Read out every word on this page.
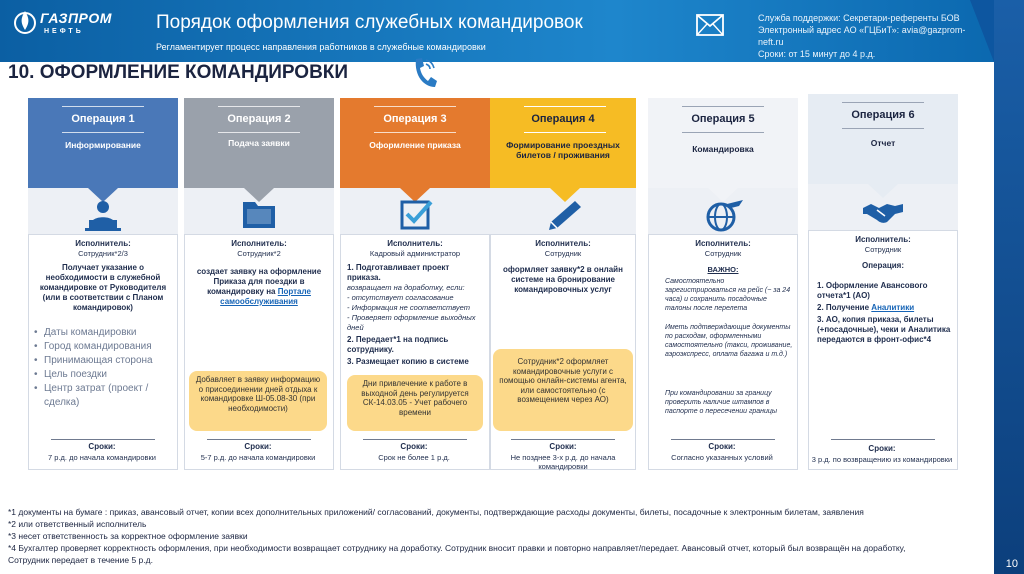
ГАЗПРОМ
НЕФТЬ	Порядок оформления служебных командировок
Регламентирует процесс направления работников в служебные командировки
Служба поддержки: Секретари-референты БОВ
Электронный адрес АО «ГЦБиТ»: avia@gazprom-
neft.ru
Сроки: от 15 минут до 4 р.д.
10. ОФОРМЛЕНИЕ КОМАНДИРОВКИ
Операция 1
Информирование
Исполнитель:
Сотрудник*2/3
Получает указание о необходимости в служебной командировке от Руководителя (или в соответствии с Планом командировок)
• Даты командировки
• Город командирования
• Принимающая сторона
• Цель поездки
• Центр затрат (проект / сделка)
Сроки:
7 р.д. до начала командировки
Операция 2
Подача заявки
Исполнитель:
Сотрудник*2
создает заявку на оформление Приказа для поездки в командировку на Портале самообслуживания
Добавляет в заявку информацию о присоединении дней отдыха к командировке Ш-05.08-30 (при необходимости)
Сроки:
5-7 р.д. до начала командировки
Операция 3
Оформление приказа
Исполнитель:
Кадровый администратор
1. Подготавливает проект приказа.
возвращает на доработку, если:
- отсутствует согласование
- Информация не соответствует
- Проверяет оформление выходных дней
2. Передает*1 на подпись сотруднику.
3. Размещает копию в системе
Дни привлечение к работе в выходной день регулируется СК-14.03.05 - Учет рабочего времени
Сроки:
Срок не более 1 р.д.
Операция 4
Формирование проездных билетов / проживания
Исполнитель:
Сотрудник
оформляет заявку*2 в онлайн системе на бронирование командировочных услуг
Сотрудник*2 оформляет командировочные услуги с помощью онлайн-системы агента, или самостоятельно (с возмещением через АО)
Сроки:
Не позднее 3-х р.д. до начала командировки
Операция 5
Командировка
Исполнитель:
Сотрудник
ВАЖНО:
Самостоятельно зарегистрироваться на рейс (~ за 24 часа) и сохранить посадочные талоны после перелета
Иметь подтверждающие документы по расходам, оформленными самостоятельно (такси, проживание, аэроэкспресс, оплата багажа и т.д.)
При командировании за границу проверить наличие штампов в паспорте о пересечении границы
Сроки:
Согласно указанных условий
Операция 6
Отчет
Исполнитель:
Сотрудник
Операция:
1. Оформление Авансового отчета*1 (АО)
2. Получение Аналитики
3. АО, копия приказа, билеты (+посадочные), чеки и Аналитика передаются в фронт-офис*4
Сроки:
3 р.д. по возвращению из командировки
*1 документы на бумаге : приказ, авансовый отчет, копии всех дополнительных приложений/ согласований, документы, подтверждающие расходы документы, билеты, посадочные к электронным билетам, заявления
*2 или ответственный исполнитель
*3 несет ответственность за корректное оформление заявки
*4 Бухгалтер проверяет корректность оформления, при необходимости возвращает сотруднику на доработку. Сотрудник вносит правки и повторно направляет/передает. Авансовый отчет, который был возвращён на доработку,
Сотрудник передает в течение 5 р.д.	10
